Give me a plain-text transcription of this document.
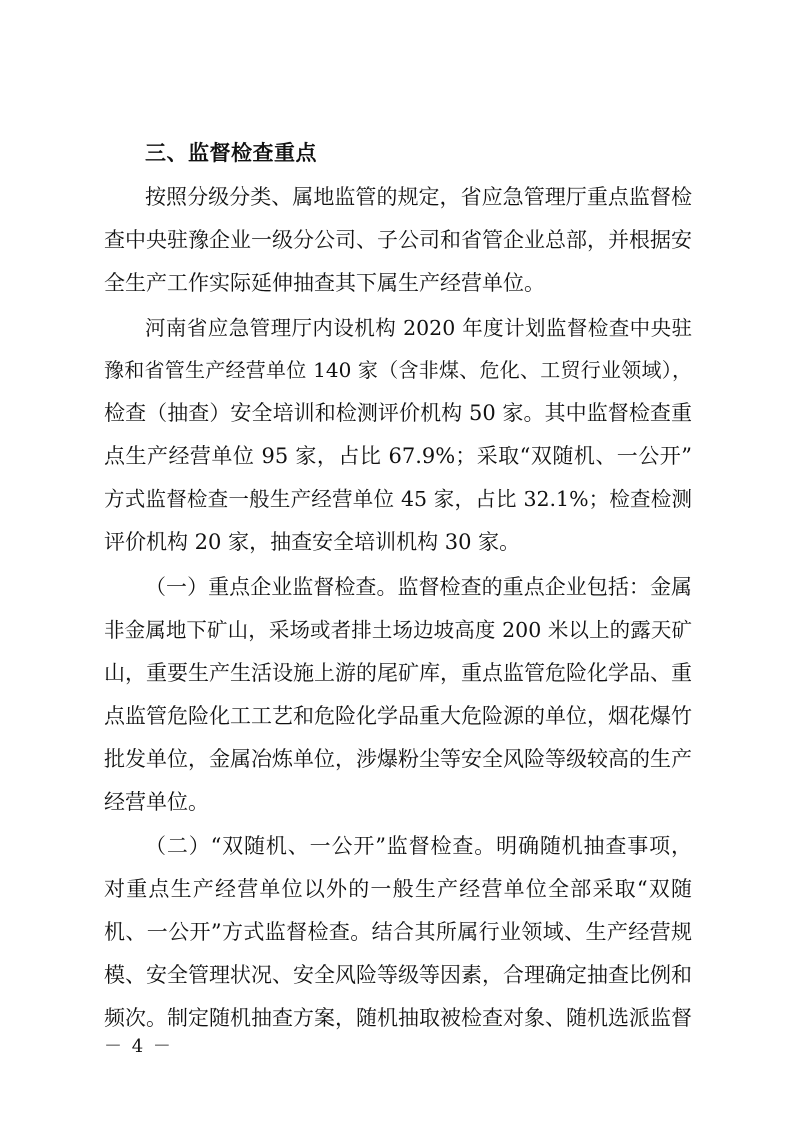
三、监督检查重点
按照分级分类、属地监管的规定，省应急管理厅重点监督检
查中央驻豫企业一级分公司、子公司和省管企业总部，并根据安
全生产工作实际延伸抽查其下属生产经营单位。
河南省应急管理厅内设机构 2020 年度计划监督检查中央驻
豫和省管生产经营单位 140 家（含非煤、危化、工贸行业领域），
检查（抽查）安全培训和检测评价机构 50 家。其中监督检查重
点生产经营单位 95 家，占比 67.9%；采取“双随机、一公开”
方式监督检查一般生产经营单位 45 家，占比 32.1%；检查检测
评价机构 20 家，抽查安全培训机构 30 家。
（一）重点企业监督检查。监督检查的重点企业包括：金属
非金属地下矿山，采场或者排土场边坡高度 200 米以上的露天矿
山，重要生产生活设施上游的尾矿库，重点监管危险化学品、重
点监管危险化工工艺和危险化学品重大危险源的单位，烟花爆竹
批发单位，金属冶炼单位，涉爆粉尘等安全风险等级较高的生产
经营单位。
（二）“双随机、一公开”监督检查。明确随机抽查事项，
对重点生产经营单位以外的一般生产经营单位全部采取“双随
机、一公开”方式监督检查。结合其所属行业领域、生产经营规
模、安全管理状况、安全风险等级等因素，合理确定抽查比例和
频次。制定随机抽查方案，随机抽取被检查对象、随机选派监督
－ 4 －
